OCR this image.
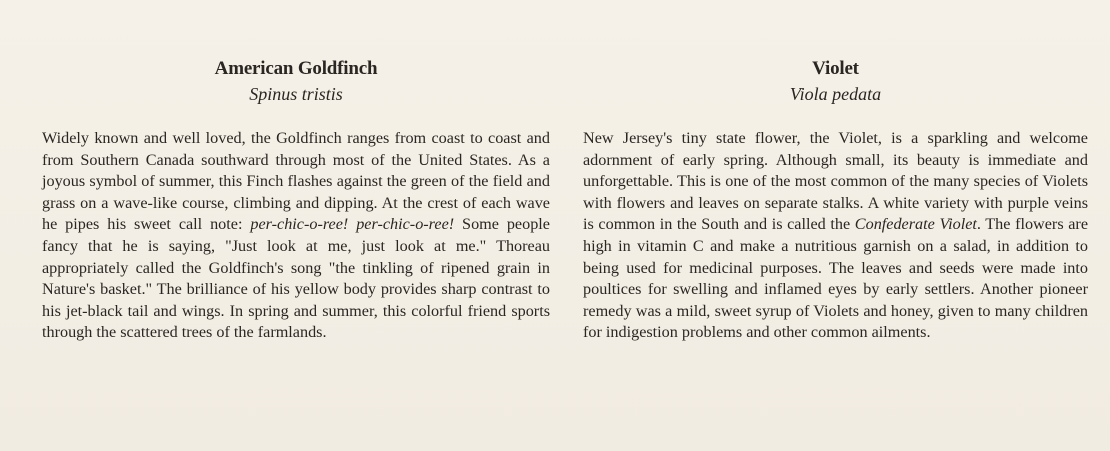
American Goldfinch

Spinus tristis

Widely known and well loved, the Goldfinch ranges from coast to coast and from Southern Canada southward through most of the United States. As a joyous symbol of summer, this Finch flashes against the green of the field and grass on a wave-like course, climbing and dipping. At the crest of each wave he pipes his sweet call note: per-chic-o-ree! per-chic-o-ree! Some people fancy that he is saying, "Just look at me, just look at me." Thoreau appropriately called the Goldfinch's song "the tinkling of ripened grain in Nature's basket." The brilliance of his yellow body provides sharp contrast to his jet-black tail and wings. In spring and summer, this colorful friend sports through the scattered trees of the farmlands.

Violet

Viola pedata

New Jersey's tiny state flower, the Violet, is a sparkling and welcome adornment of early spring. Although small, its beauty is immediate and unforgettable. This is one of the most common of the many species of Violets with flowers and leaves on separate stalks. A white variety with purple veins is common in the South and is called the Confederate Violet. The flowers are high in vitamin C and make a nutritious garnish on a salad, in addition to being used for medicinal purposes. The leaves and seeds were made into poultices for swelling and inflamed eyes by early settlers. Another pioneer remedy was a mild, sweet syrup of Violets and honey, given to many children for indigestion problems and other common ailments.
